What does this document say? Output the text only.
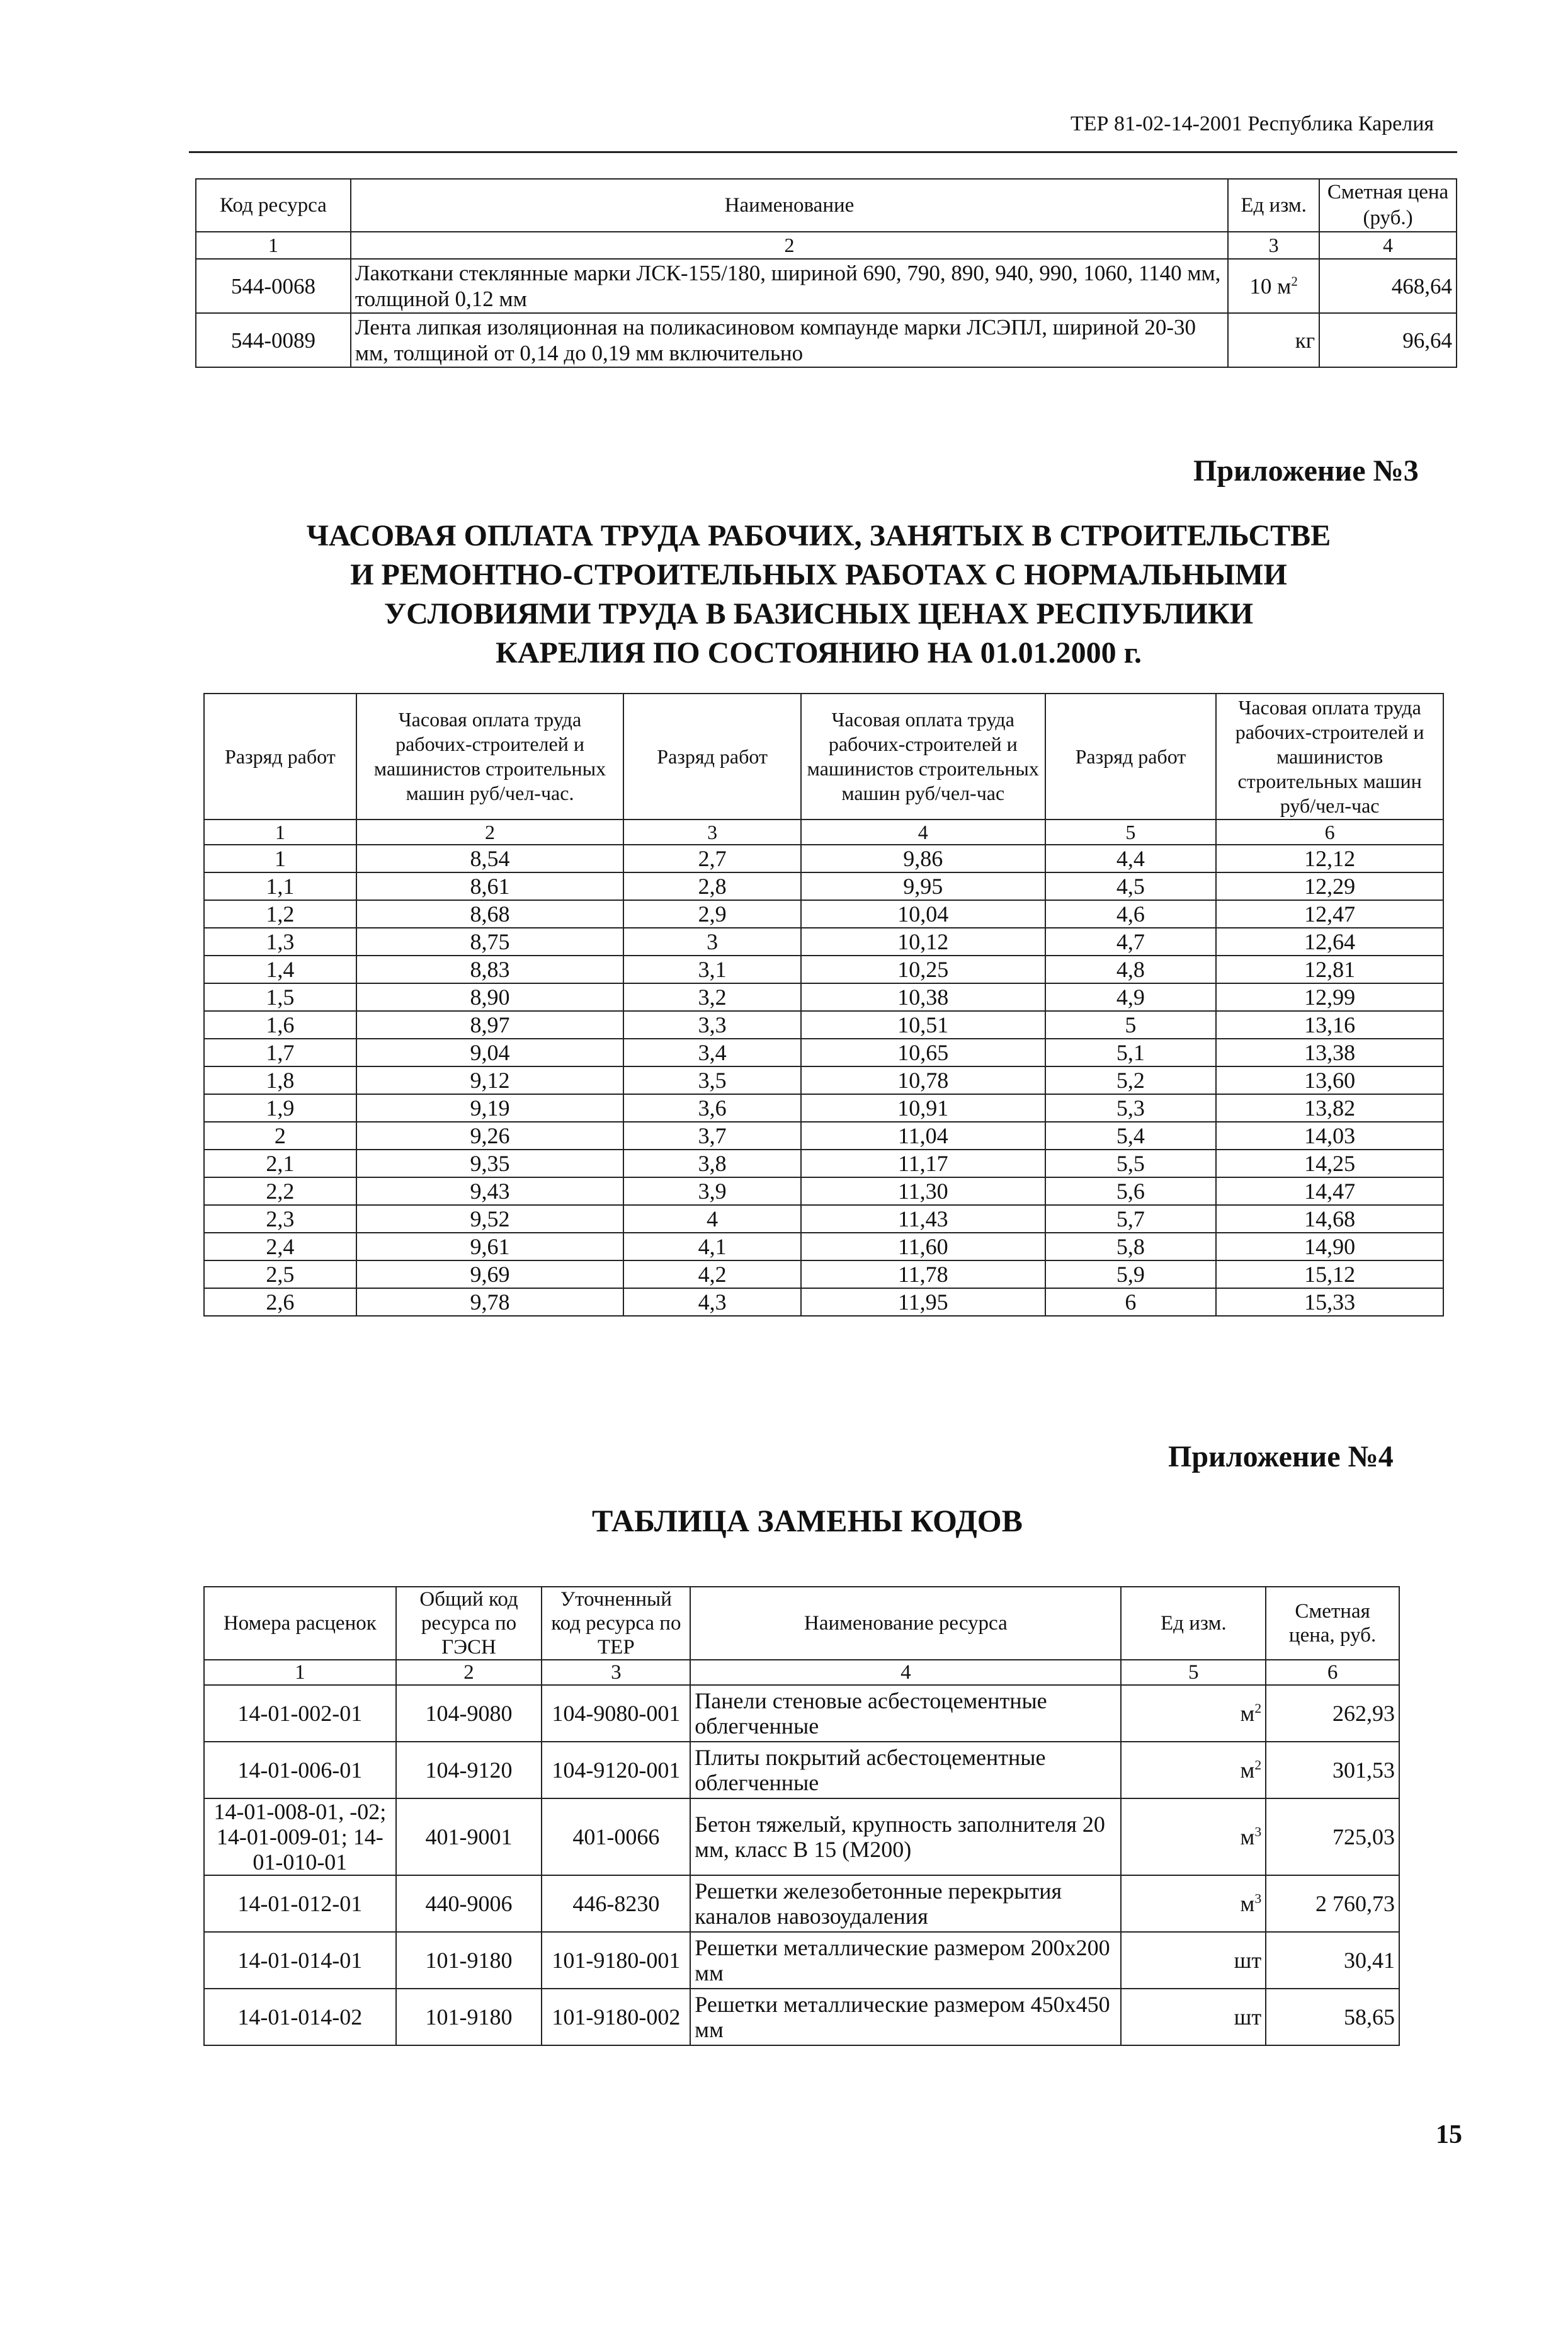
ТЕР 81-02-14-2001 Республика Карелия
Код ресурса	Наименование	Ед изм.	Сметная цена (руб.)
1	2	3	4
544-0068	Лакоткани стеклянные марки ЛСК-155/180, шириной 690, 790, 890, 940, 990, 1060, 1140 мм, толщиной 0,12 мм	10 $м^2$	468,64
544-0089	Лента липкая изоляционная на поликасиновом компаунде марки ЛСЭПЛ, шириной 20-30 мм, толщиной от 0,14 до 0,19 мм включительно	кг	96,64
Приложение №3
ЧАСОВАЯ ОПЛАТА ТРУДА РАБОЧИХ, ЗАНЯТЫХ В СТРОИТЕЛЬСТВЕ
И РЕМОНТНО-СТРОИТЕЛЬНЫХ РАБОТАХ С НОРМАЛЬНЫМИ
УСЛОВИЯМИ ТРУДА В БАЗИСНЫХ ЦЕНАХ РЕСПУБЛИКИ
КАРЕЛИЯ ПО СОСТОЯНИЮ НА 01.01.2000 г.
Разряд работ	Часовая оплата труда рабочих-строителей и машинистов строительных машин руб/чел-час.	Разряд работ	Часовая оплата труда рабочих-строителей и машинистов строительных машин руб/чел-час	Разряд работ	Часовая оплата труда рабочих-строителей и машинистов строительных машин руб/чел-час
1	2	3	4	5	6
1	8,54	2,7	9,86	4,4	12,12
1,1	8,61	2,8	9,95	4,5	12,29
1,2	8,68	2,9	10,04	4,6	12,47
1,3	8,75	3	10,12	4,7	12,64
1,4	8,83	3,1	10,25	4,8	12,81
1,5	8,90	3,2	10,38	4,9	12,99
1,6	8,97	3,3	10,51	5	13,16
1,7	9,04	3,4	10,65	5,1	13,38
1,8	9,12	3,5	10,78	5,2	13,60
1,9	9,19	3,6	10,91	5,3	13,82
2	9,26	3,7	11,04	5,4	14,03
2,1	9,35	3,8	11,17	5,5	14,25
2,2	9,43	3,9	11,30	5,6	14,47
2,3	9,52	4	11,43	5,7	14,68
2,4	9,61	4,1	11,60	5,8	14,90
2,5	9,69	4,2	11,78	5,9	15,12
2,6	9,78	4,3	11,95	6	15,33
Приложение №4
ТАБЛИЦА ЗАМЕНЫ КОДОВ
Номера расценок	Общий код ресурса по ГЭСН	Уточненный код ресурса по ТЕР	Наименование ресурса	Ед изм.	Сметная цена, руб.
1	2	3	4	5	6
14-01-002-01	104-9080	104-9080-001	Панели стеновые асбестоцементные облегченные	$м^2$	262,93
14-01-006-01	104-9120	104-9120-001	Плиты покрытий асбестоцементные облегченные	$м^2$	301,53
14-01-008-01, -02; 14-01-009-01; 14-01-010-01	401-9001	401-0066	Бетон тяжелый, крупность заполнителя 20 мм, класс В 15 (М200)	$м^3$	725,03
14-01-012-01	440-9006	446-8230	Решетки железобетонные перекрытия каналов навозоудаления	$м^3$	2 760,73
14-01-014-01	101-9180	101-9180-001	Решетки металлические размером 200х200 мм	шт	30,41
14-01-014-02	101-9180	101-9180-002	Решетки металлические размером 450х450 мм	шт	58,65
15
